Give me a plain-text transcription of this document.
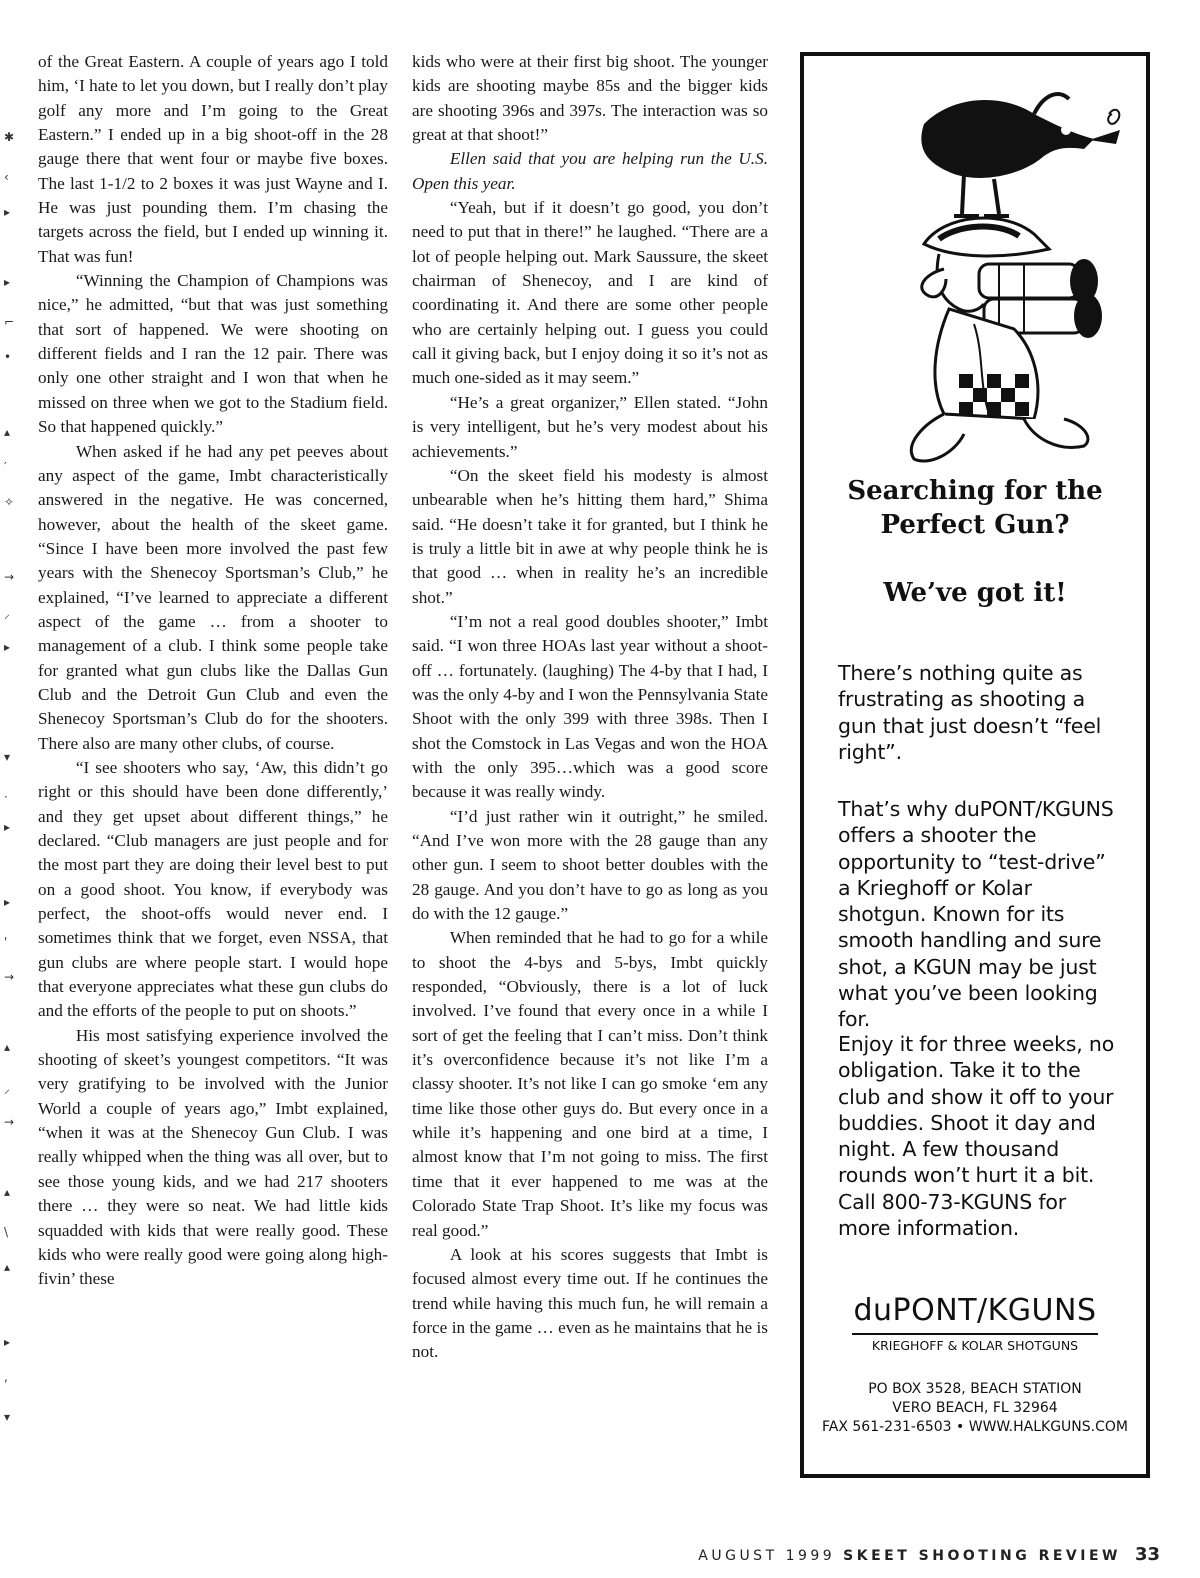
✱
‹
▸
▸
⌐
•
▴
′
✧
→
⸝
▸
▾
·
▸
▸
'
→
▴
⸝
→
▴
\
▴
▸
,
▾

of the Great Eastern. A couple of years ago I told him, ‘I hate to let you down, but I really don’t play golf any more and I’m going to the Great Eastern.” I ended up in a big shoot-off in the 28 gauge there that went four or maybe five boxes. The last 1-1/2 to 2 boxes it was just Wayne and I. He was just pounding them. I’m chasing the targets across the field, but I ended up winning it. That was fun!

“Winning the Champion of Champions was nice,” he admitted, “but that was just something that sort of happened. We were shooting on different fields and I ran the 12 pair. There was only one other straight and I won that when he missed on three when we got to the Stadium field. So that happened quickly.”

When asked if he had any pet peeves about any aspect of the game, Imbt characteristically answered in the negative. He was concerned, however, about the health of the skeet game. “Since I have been more involved the past few years with the Shenecoy Sportsman’s Club,” he explained, “I’ve learned to appreciate a different aspect of the game … from a shooter to management of a club. I think some people take for granted what gun clubs like the Dallas Gun Club and the Detroit Gun Club and even the Shenecoy Sportsman’s Club do for the shooters. There also are many other clubs, of course.

“I see shooters who say, ‘Aw, this didn’t go right or this should have been done differently,’ and they get upset about different things,” he declared. “Club managers are just people and for the most part they are doing their level best to put on a good shoot. You know, if everybody was perfect, the shoot-offs would never end. I sometimes think that we forget, even NSSA, that gun clubs are where people start. I would hope that everyone appreciates what these gun clubs do and the efforts of the people to put on shoots.”

His most satisfying experience involved the shooting of skeet’s youngest competitors. “It was very gratifying to be involved with the Junior World a couple of years ago,” Imbt explained, “when it was at the Shenecoy Gun Club. I was really whipped when the thing was all over, but to see those young kids, and we had 217 shooters there … they were so neat. We had little kids squadded with kids that were really good. These kids who were really good were going along high-fivin’ these

kids who were at their first big shoot. The younger kids are shooting maybe 85s and the bigger kids are shooting 396s and 397s. The interaction was so great at that shoot!”

Ellen said that you are helping run the U.S. Open this year.

“Yeah, but if it doesn’t go good, you don’t need to put that in there!” he laughed. “There are a lot of people helping out. Mark Saussure, the skeet chairman of Shenecoy, and I are kind of coordinating it. And there are some other people who are certainly helping out. I guess you could call it giving back, but I enjoy doing it so it’s not as much one-sided as it may seem.”

“He’s a great organizer,” Ellen stated. “John is very intelligent, but he’s very modest about his achievements.”

“On the skeet field his modesty is almost unbearable when he’s hitting them hard,” Shima said. “He doesn’t take it for granted, but I think he is truly a little bit in awe at why people think he is that good … when in reality he’s an incredible shot.”

“I’m not a real good doubles shooter,” Imbt said. “I won three HOAs last year without a shoot-off … fortunately. (laughing) The 4-by that I had, I was the only 4-by and I won the Pennsylvania State Shoot with the only 399 with three 398s. Then I shot the Comstock in Las Vegas and won the HOA with the only 395…which was a good score because it was really windy.

“I’d just rather win it outright,” he smiled. “And I’ve won more with the 28 gauge than any other gun. I seem to shoot better doubles with the 28 gauge. And you don’t have to go as long as you do with the 12 gauge.”

When reminded that he had to go for a while to shoot the 4-bys and 5-bys, Imbt quickly responded, “Obviously, there is a lot of luck involved. I’ve found that every once in a while I sort of get the feeling that I can’t miss. Don’t think it’s overconfidence because it’s not like I’m a classy shooter. It’s not like I can go smoke ‘em any time like those other guys do. But every once in a while it’s happening and one bird at a time, I almost know that I’m not going to miss. The first time that it ever happened to me was at the Colorado State Trap Shoot. It’s like my focus was real good.”

A look at his scores suggests that Imbt is focused almost every time out. If he continues the trend while having this much fun, he will remain a force in the game … even as he maintains that he is not.

Searching for the
Perfect Gun?
We’ve got it!
There’s nothing quite as frustrating as shooting a gun that just doesn’t “feel right”.
That’s why duPONT/KGUNS offers a shooter the opportunity to “test-drive” a Krieghoff or Kolar shotgun. Known for its smooth handling and sure shot, a KGUN may be just what you’ve been looking for.
Enjoy it for three weeks, no obligation. Take it to the club and show it off to your buddies. Shoot it day and night. A few thousand rounds won’t hurt it a bit. Call 800-73-KGUNS for more information.
duPONT/KGUNS
KRIEGHOFF & KOLAR SHOTGUNS
PO BOX 3528, BEACH STATION
VERO BEACH, FL 32964
FAX 561-231-6503 • WWW.HALKGUNS.COM
AUGUST 1999 SKEET SHOOTING REVIEW 33
